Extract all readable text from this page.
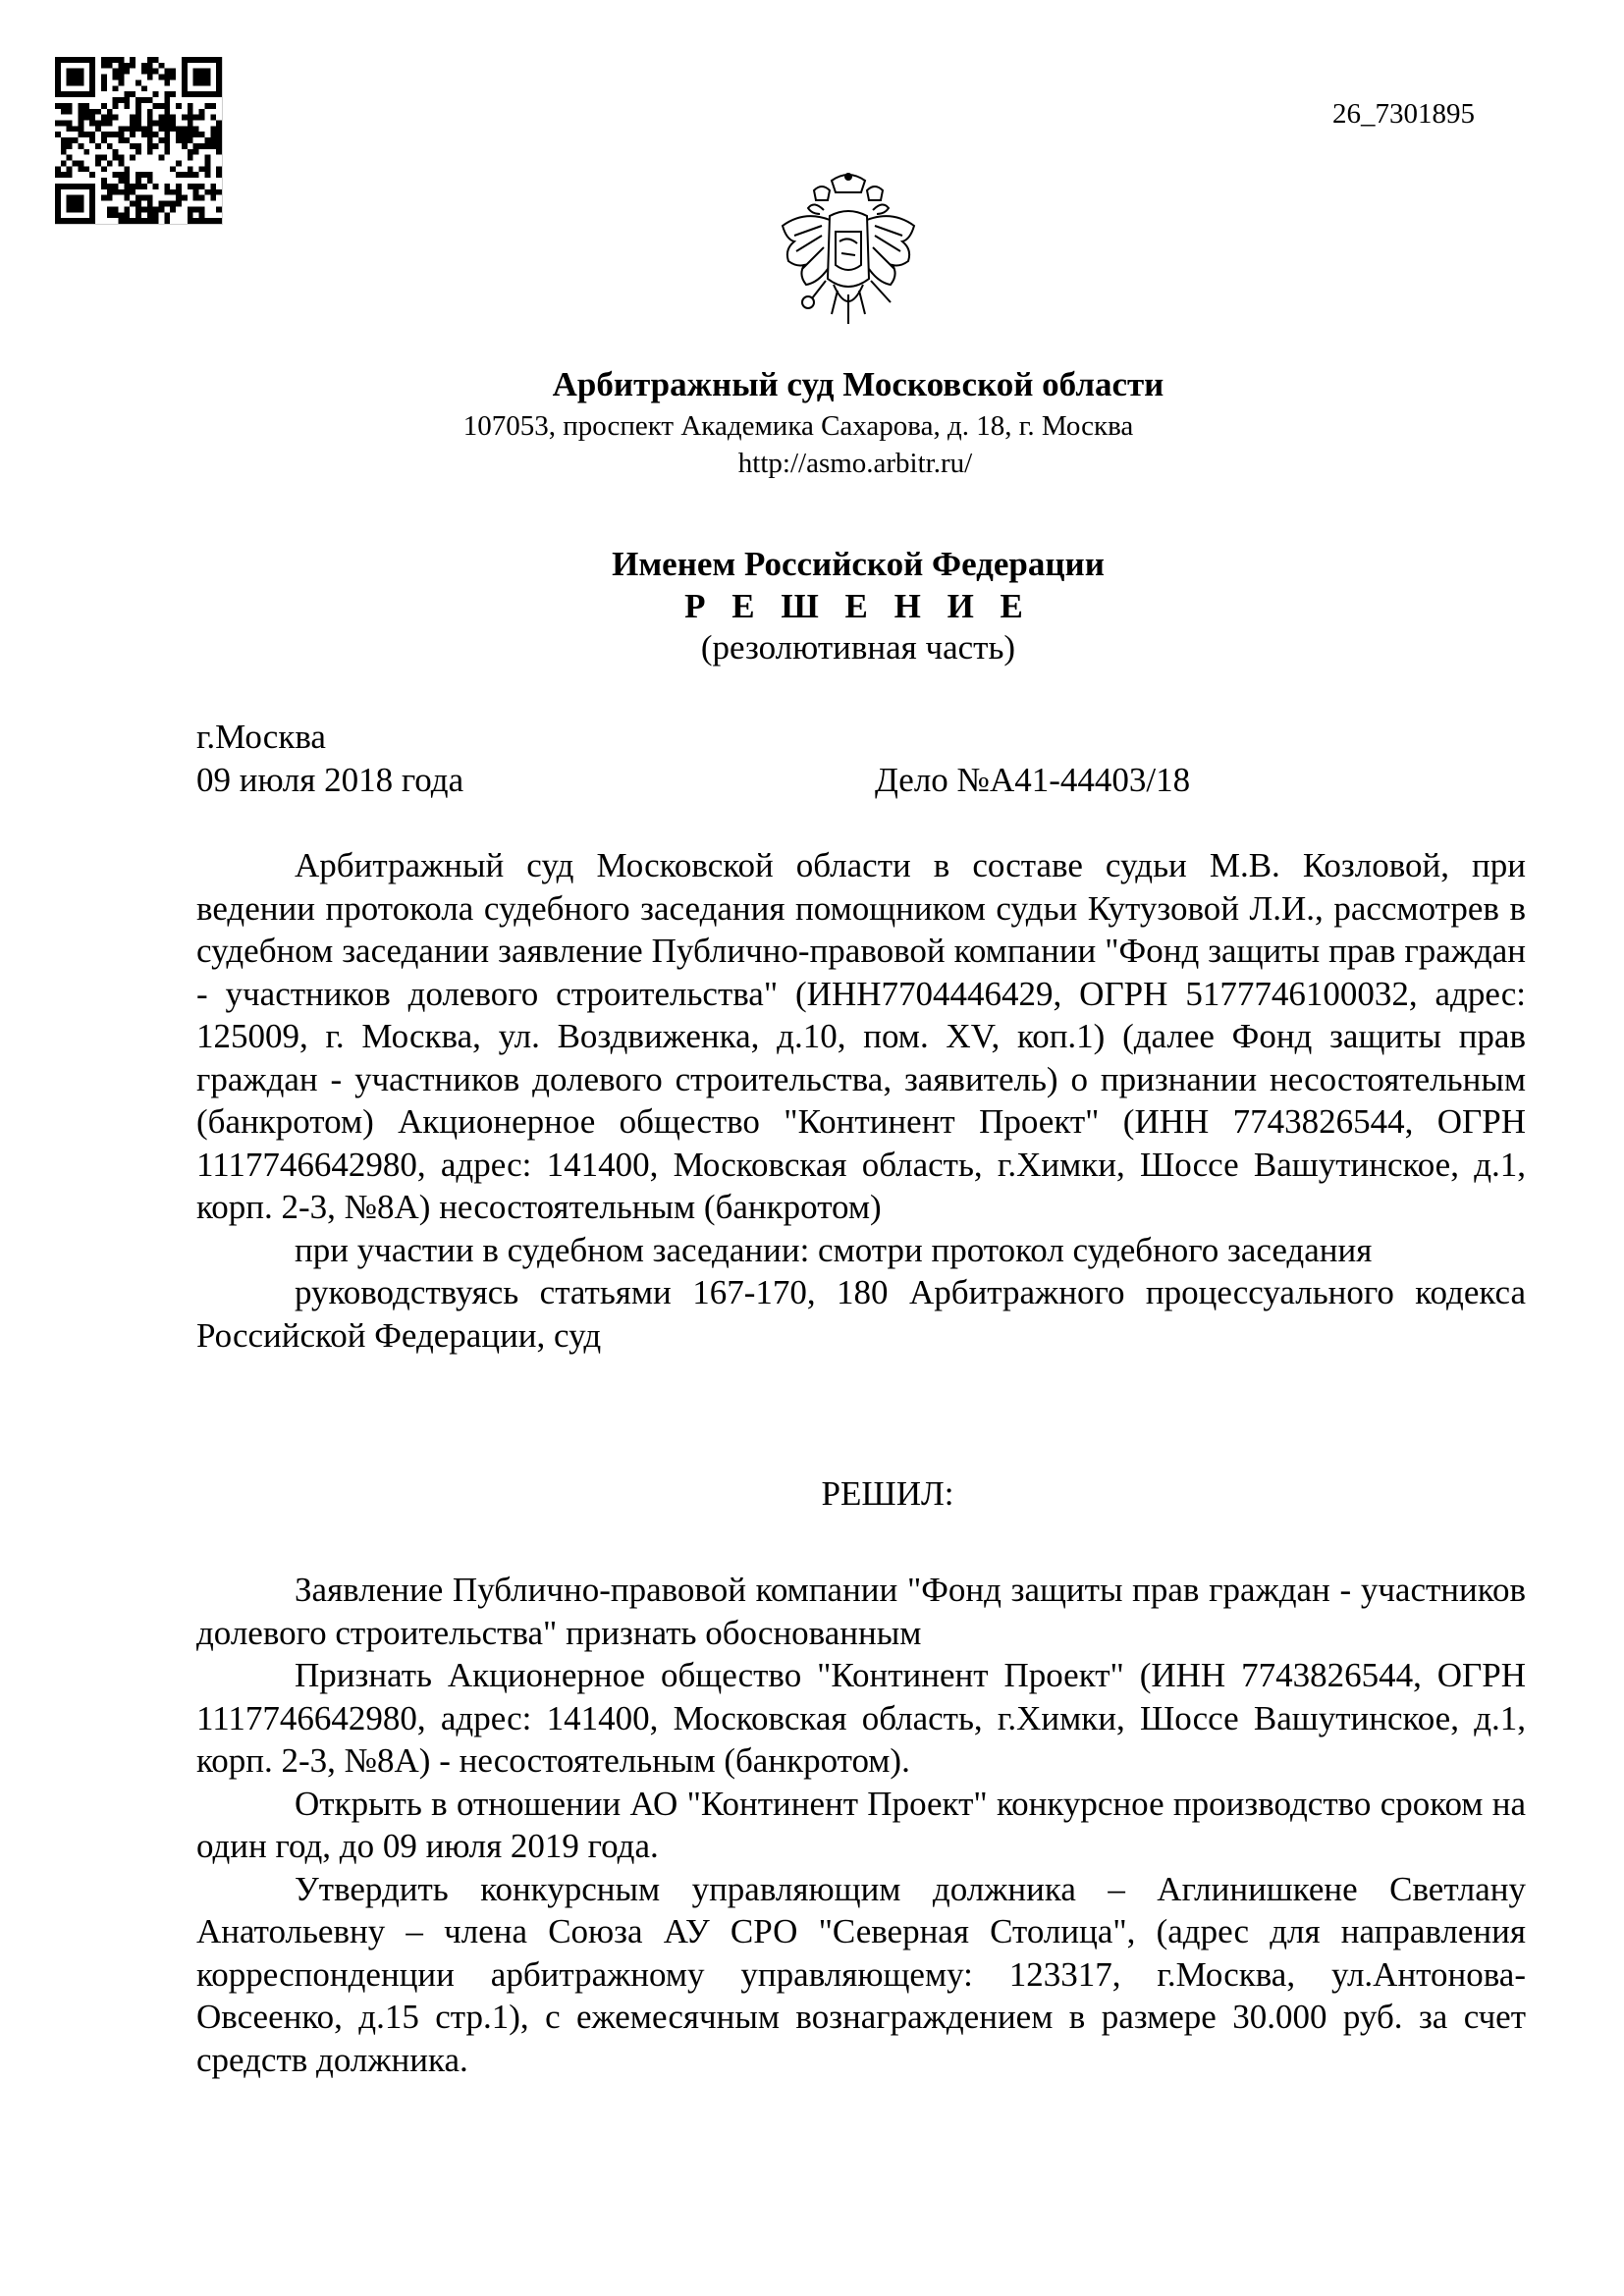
26_7301895
Арбитражный суд Московской области
107053, проспект Академика Сахарова, д. 18, г. Москва
http://asmo.arbitr.ru/
Именем Российской Федерации
Р Е Ш Е Н И Е
(резолютивная часть)
г.Москва
09 июля 2018 года	Дело №А41-44403/18

Арбитражный суд Московской области в составе судьи М.В. Козловой, при ведении протокола судебного заседания помощником судьи Кутузовой Л.И., рассмотрев в судебном заседании заявление Публично-правовой компании "Фонд защиты прав граждан - участников долевого строительства" (ИНН7704446429, ОГРН 5177746100032, адрес: 125009, г. Москва, ул. Воздвиженка, д.10, пом. XV, коп.1) (далее Фонд защиты прав граждан - участников долевого строительства, заявитель) о признании несостоятельным (банкротом) Акционерное общество "Континент Проект" (ИНН 7743826544, ОГРН 1117746642980, адрес: 141400, Московская область, г.Химки, Шоссе Вашутинское, д.1, корп. 2-3, №8А) несостоятельным (банкротом)

при участии в судебном заседании: смотри протокол судебного заседания

руководствуясь статьями 167-170, 180 Арбитражного процессуального кодекса Российской Федерации, суд

РЕШИЛ:

Заявление Публично-правовой компании "Фонд защиты прав граждан - участников долевого строительства" признать обоснованным

Признать Акционерное общество "Континент Проект" (ИНН 7743826544, ОГРН 1117746642980, адрес: 141400, Московская область, г.Химки, Шоссе Вашутинское, д.1, корп. 2-3, №8А) - несостоятельным (банкротом).

Открыть в отношении АО "Континент Проект" конкурсное производство сроком на один год, до 09 июля 2019 года.

Утвердить конкурсным управляющим должника – Аглинишкене Светлану Анатольевну – члена Союза АУ СРО "Северная Столица", (адрес для направления корреспонденции арбитражному управляющему: 123317, г.Москва, ул.Антонова-Овсеенко, д.15 стр.1), с ежемесячным вознаграждением в размере 30.000 руб. за счет средств должника.
